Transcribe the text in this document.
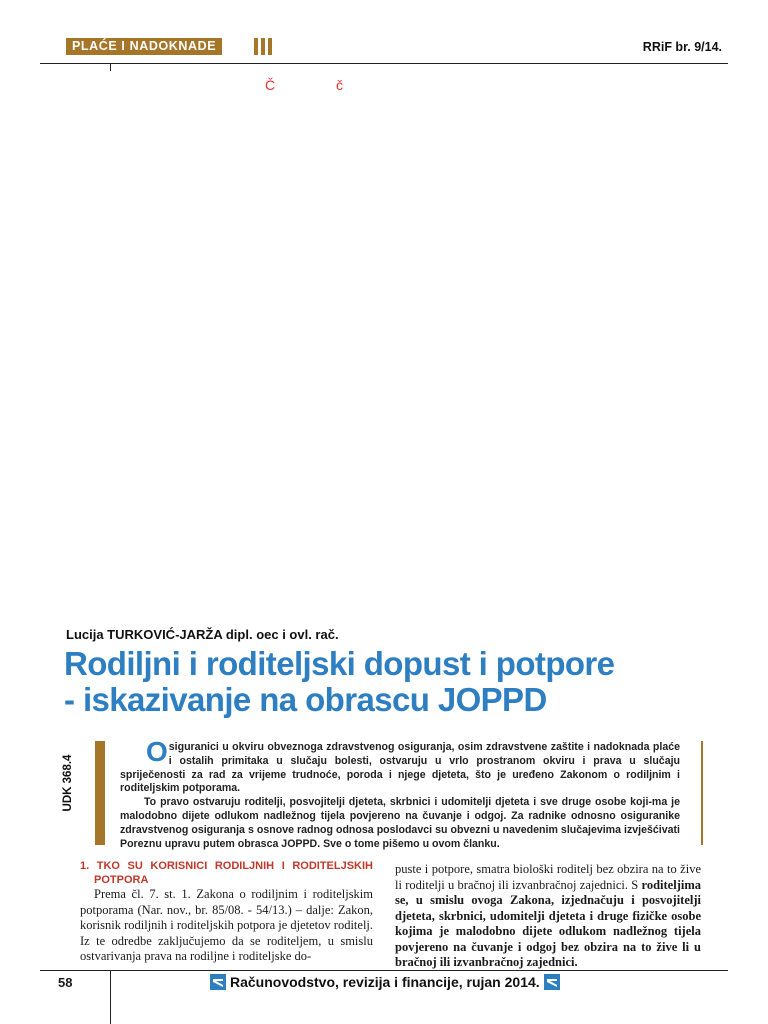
PLAĆE I NADOKNADE	RRiF br. 9/14.
Č	č
Lucija TURKOVIĆ-JARŽA dipl. oec i ovl. rač.
Rodiljni i roditeljski dopust i potpore
- iskazivanje na obrascu JOPPD
UDK 368.4

Osiguranici u okviru obveznoga zdravstvenog osiguranja, osim zdravstvene zaštite i nadoknada plaće i ostalih primitaka u slučaju bolesti, ostvaruju u vrlo prostranom okviru i prava u slučaju spriječenosti za rad za vrijeme trudnoće, poroda i njege djeteta, što je uređeno Zakonom o rodiljnim i roditeljskim potporama.

To pravo ostvaruju roditelji, posvojitelji djeteta, skrbnici i udomitelji djeteta i sve druge osobe koji-ma je malodobno dijete odlukom nadležnog tijela povjereno na čuvanje i odgoj. Za radnike odnosno osiguranike zdravstvenog osiguranja s osnove radnog odnosa poslodavci su obvezni u navedenim slučajevima izvješćivati Poreznu upravu putem obrasca JOPPD. Sve o tome pišemo u ovom članku.

1. TKO SU KORISNICI RODILJNIH I RODITELJSKIH POTPORA

Prema čl. 7. st. 1. Zakona o rodiljnim i roditeljskim potporama (Nar. nov., br. 85/08. - 54/13.) – dalje: Zakon, korisnik rodiljnih i roditeljskih potpora je djetetov roditelj. Iz te odredbe zaključujemo da se roditeljem, u smislu ostvarivanja prava na rodiljne i roditeljske do-

puste i potpore, smatra biološki roditelj bez obzira na to žive li roditelji u bračnoj ili izvanbračnoj zajednici. S roditeljima se, u smislu ovoga Zakona, izjednačuju i posvojitelji djeteta, skrbnici, udomitelji djeteta i druge fizičke osobe kojima je malodobno dijete odlukom nadležnog tijela povjereno na čuvanje i odgoj bez obzira na to žive li u bračnoj ili izvanbračnoj zajednici.

58	Računovodstvo, revizija i financije, rujan 2014.
